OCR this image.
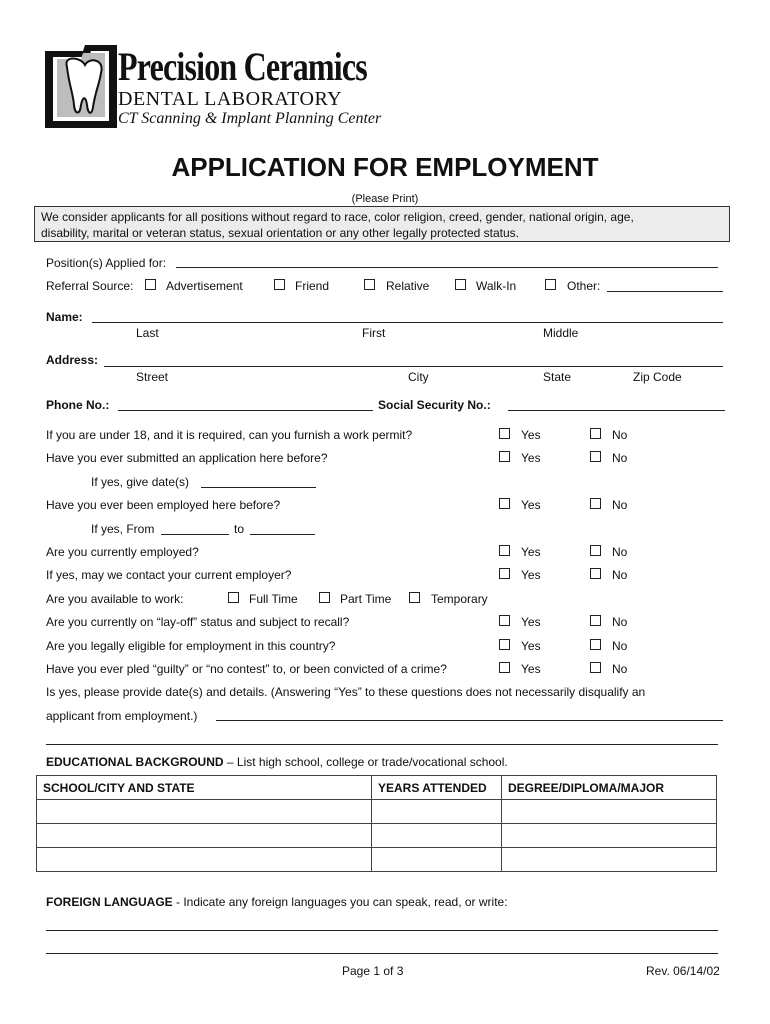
Precision Ceramics
DENTAL LABORATORY
CT Scanning & Implant Planning Center
APPLICATION FOR EMPLOYMENT
(Please Print)
We consider applicants for all positions without regard to race, color religion, creed, gender, national origin, age,
disability, marital or veteran status, sexual orientation or any other legally protected status.
Position(s) Applied for:
Referral Source:	Advertisement	Friend	Relative	Walk-In	Other:
Name:
Last	First	Middle
Address:
Street	City	State	Zip Code
Phone No.:	Social Security No.:
If you are under 18, and it is required, can you furnish a work permit?	Yes	No
Have you ever submitted an application here before?	Yes	No
If yes, give date(s)
Have you ever been employed here before?	Yes	No
If yes, From	to
Are you currently employed?	Yes	No
If yes, may we contact your current employer?	Yes	No
Are you available to work:	Full Time	Part Time	Temporary
Are you currently on “lay-off” status and subject to recall?	Yes	No
Are you legally eligible for employment in this country?	Yes	No
Have you ever pled “guilty” or “no contest” to, or been convicted of a crime?	Yes	No
Is yes, please provide date(s) and details. (Answering “Yes” to these questions does not necessarily disqualify an
applicant from employment.)
EDUCATIONAL BACKGROUND – List high school, college or trade/vocational school.
SCHOOL/CITY AND STATE	YEARS ATTENDED	DEGREE/DIPLOMA/MAJOR

FOREIGN LANGUAGE - Indicate any foreign languages you can speak, read, or write:
Page 1 of 3	Rev. 06/14/02
